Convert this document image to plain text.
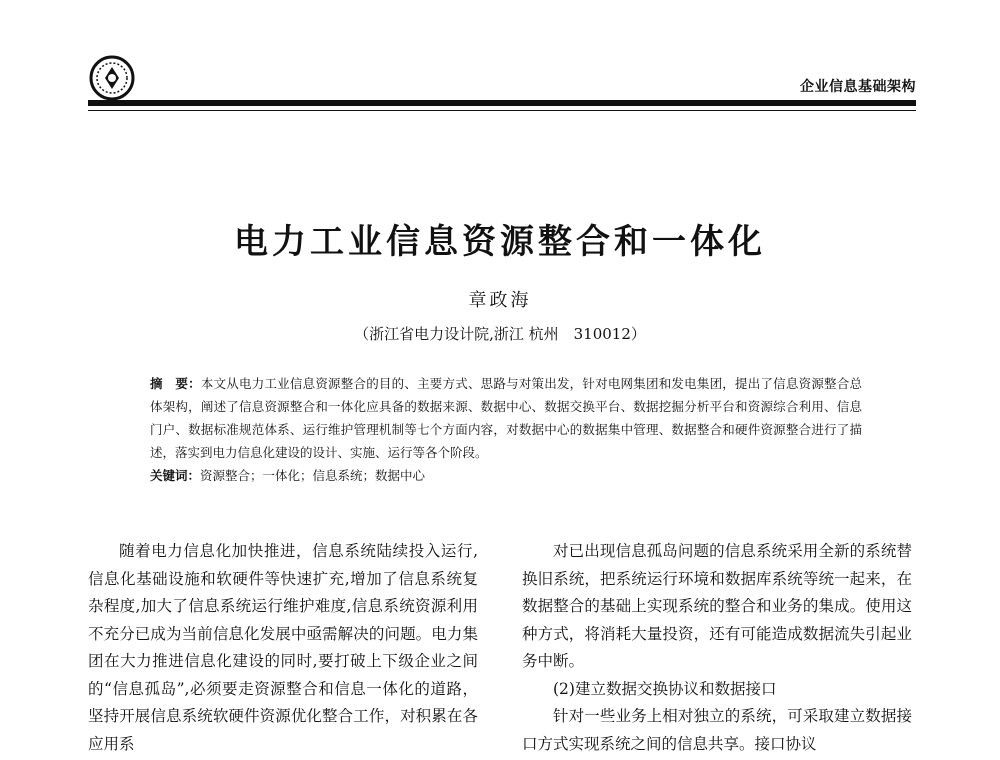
企业信息基础架构
电力工业信息资源整合和一体化
章政海
（浙江省电力设计院,浙江 杭州　310012）

摘　要：本文从电力工业信息资源整合的目的、主要方式、思路与对策出发，针对电网集团和发电集团，提出了信息资源整合总体架构，阐述了信息资源整合和一体化应具备的数据来源、数据中心、数据交换平台、数据挖掘分析平台和资源综合利用、信息门户、数据标准规范体系、运行维护管理机制等七个方面内容，对数据中心的数据集中管理、数据整合和硬件资源整合进行了描述，落实到电力信息化建设的设计、实施、运行等各个阶段。

关键词：资源整合；一体化；信息系统；数据中心

随着电力信息化加快推进，信息系统陆续投入运行,信息化基础设施和软硬件等快速扩充,增加了信息系统复杂程度,加大了信息系统运行维护难度,信息系统资源利用不充分已成为当前信息化发展中亟需解决的问题。电力集团在大力推进信息化建设的同时,要打破上下级企业之间的“信息孤岛”,必须要走资源整合和信息一体化的道路，坚持开展信息系统软硬件资源优化整合工作，对积累在各应用系

对已出现信息孤岛问题的信息系统采用全新的系统替换旧系统，把系统运行环境和数据库系统等统一起来，在数据整合的基础上实现系统的整合和业务的集成。使用这种方式，将消耗大量投资，还有可能造成数据流失引起业务中断。

(2)建立数据交换协议和数据接口

针对一些业务上相对独立的系统，可采取建立数据接口方式实现系统之间的信息共享。接口协议
